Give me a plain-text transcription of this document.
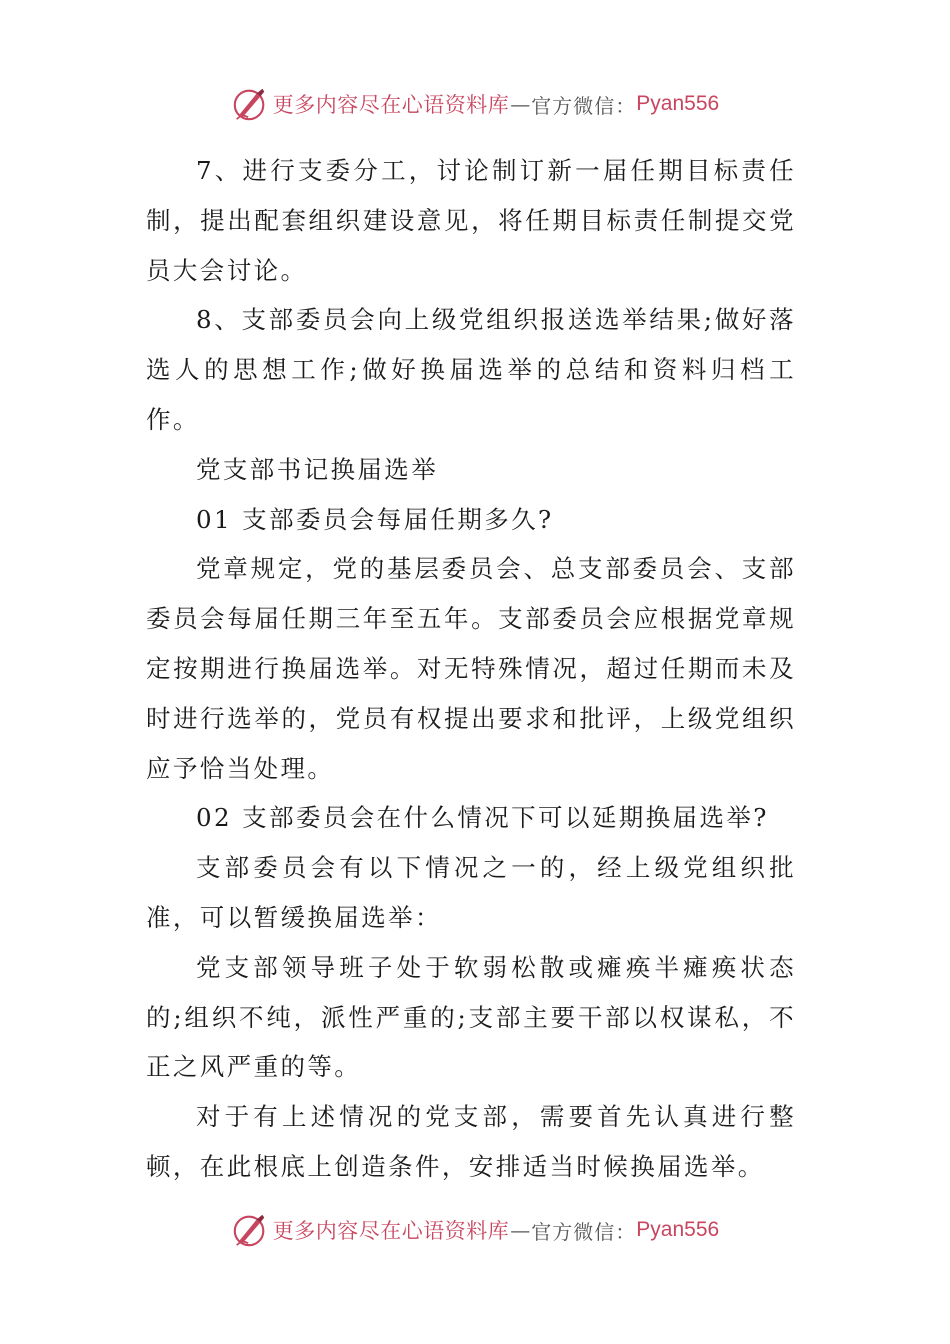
更多内容尽在心语资料库 — 官方微信： Pyan556

7、进行支委分工，讨论制订新一届任期目标责任制，提出配套组织建设意见，将任期目标责任制提交党员大会讨论。

8、支部委员会向上级党组织报送选举结果;做好落选人的思想工作;做好换届选举的总结和资料归档工作。

党支部书记换届选举

01 支部委员会每届任期多久?

党章规定，党的基层委员会、总支部委员会、支部委员会每届任期三年至五年。支部委员会应根据党章规定按期进行换届选举。对无特殊情况，超过任期而未及时进行选举的，党员有权提出要求和批评，上级党组织应予恰当处理。

02 支部委员会在什么情况下可以延期换届选举?

支部委员会有以下情况之一的，经上级党组织批准，可以暂缓换届选举：

党支部领导班子处于软弱松散或瘫痪半瘫痪状态的;组织不纯，派性严重的;支部主要干部以权谋私，不正之风严重的等。

对于有上述情况的党支部，需要首先认真进行整顿，在此根底上创造条件，安排适当时候换届选举。

更多内容尽在心语资料库 — 官方微信： Pyan556
